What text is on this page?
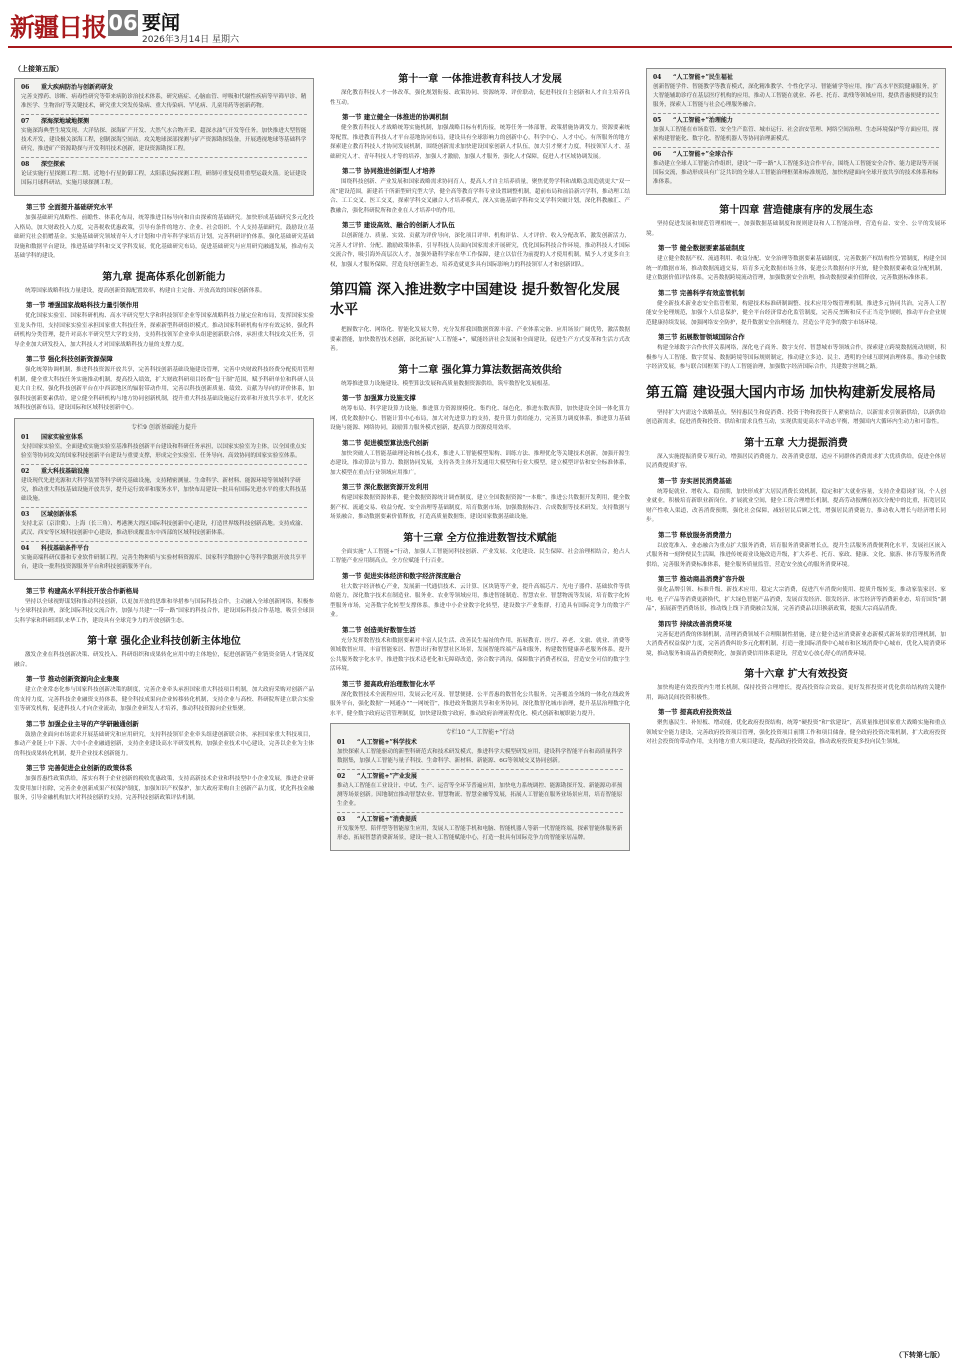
新疆日报 06 要闻
2026年3月14日 星期六
（上接第五版）
06 重大疾病防治与创新药研发
完善支撑药、诊断、病毒性研究等带来病防诊治技术体系，研究癌症、心脑血管、呼吸和代谢性疾病等早筛早诊、精准医学、生物治疗等关键技术，研究重大突发传染病、重大传染病、罕见病、儿童用药等创新药物。
07 深海深地域地探测
实施深海典型生境发现、大洋钻探、深海矿产开发、大然气水合物开采、超深水油气开发等任务。加快推进大型智能技术开发，建设极关深海工程，创制深海空间站。攻关地球深部探测与矿产资源勘探装备，开展透视地球等基础科学研究，推进矿产资源勘探与开发利用技术创新，建设资源勘探工程。
08 深空探索
论证实施行星探测工程二期、近地小行星防御工程，太阳系边际探测工程，研制可重复使用重型运载火箭。论证建设国际月球科研站，实施月球探测工程。
第三节 全面提升基础研究水平

加强基础研究战略性、前瞻性、体系化布局，统筹推进目标导向和自由探索的基础研究。加快形成基础研究多元化投入格局，加大财政投入力度，完善税收优惠政策，引导有条件的地方、企业、社会组织、个人支持基础研究，鼓励设立基础研究社会捐赠基金。实施基础研究领域青年人才计划和中青年科学家培育计划，完善科研评价体系，强化基础研究基础设施和数据平台建设，推进基础学科和交叉学科发展，优化基础研究布局，促进基础研究与应用研究融通发展，推动有关基础学科的建设。

第九章 提高体系化创新能力

统筹国家战略科技力量建设，提高创新资源配置效率，构建自主完备、开放高效的国家创新体系。

第一节 增强国家战略科技力量引领作用

优化国家实验室、国家科研机构、高水平研究型大学和科技领军企业等国家战略科技力量定位和布局，发挥国家实验室龙头作用，支持国家实验室承担国家重大科技任务，探索新型科研组织模式。推动国家科研机构有序有效运转，强化科研机构分类管理，提升对高水平研究型大学的支持，支持科技领军企业牵头组建创新联合体，承担重大科技攻关任务，引导企业加大研发投入，加大科技人才对国家战略科技力量的支撑力度。

第二节 强化科技创新资源保障

强化统筹协调机制，推进科技资源开放共享，完善科技创新基础设施建设管理，完善中央财政科技经费分配使用管理机制，健全重大科技任务实施推动机制，提高投入绩效，扩大财政科研项目经费“包干制”范围，赋予科研单位和科研人员更大自主权，强化科技创新平台在中西部地区的辐射带动作用，完善以科技创新质量、绩效、贡献为导向的评价体系，加强科技创新要素供给，建立健全科研机构与地方协同创新机制，提升重大科技基础设施运行效率和开放共享水平，优化区域科技创新布局，建设国际和区域科技创新中心。

专栏9 创新基础能力提升
01 国家实验室体系
支持国家实验室，全面建成实施实验室基准科技创新平台建设和科研任务承担，以国家实验室为主体，以全国重点实验室等协同攻关的国家科技创新平台建设与重要支撑，形成完全实验室、任务导向、高效协同的国家实验室体系。
02 重大科技基础设施
建设现代先进光源和大科学装置等科学研究基础设施，支持精密测量、生命科学、新材料、能源环境等领域科学研究，推动重大科技基础设施开放共享，提升运行效率和服务水平，加快布局建设一批具有国际先进水平的重大科技基础设施。
03 区域创新体系
支持北京（京津冀）、上海（长三角）、粤港澳大湾区国际科技创新中心建设，打造世界级科技创新高地。支持成渝、武汉、西安等区域科技创新中心建设，推动形成覆盖东中西部的区域科技创新体系。
04 科技基础条件平台
实施高端科研仪器和专业软件研制工程，完善生物种质与实验材料资源库、国家科学数据中心等科学数据开放共享平台，建设一批科技资源服务平台和科技创新服务平台。
第三节 构建高水平科技开放合作新格局

坚持以全球视野谋划和推动科技创新，以更加开放的思维和举措参与国际科技合作，主动融入全球创新网络，积极参与全球科技治理，深化国际科技交流合作，加强与共建“一带一路”国家的科技合作，建设国际科技合作基地，吸引全球顶尖科学家和科研团队来华工作，建设具有全球竞争力的开放创新生态。

第十章 强化企业科技创新主体地位

激发企业在科技创新决策、研发投入、科研组织和成果转化应用中的主体地位，促进创新链产业链资金链人才链深度融合。

第一节 推动创新资源向企业集聚

建立企业常态化参与国家科技创新决策的制度，完善企业牵头承担国家重大科技项目机制，加大政府采购对创新产品的支持力度，完善科技企业融资支持体系，健全科技成果向企业转移转化机制，支持企业与高校、科研院所建立联合实验室等研发机构，促进科技人才向企业流动，加强企业研发人才培养，推动科技资源向企业集聚。

第二节 加强企业主导的产学研融通创新

鼓励企业面向市场需求开展基础研究和应用研究，支持科技领军企业牵头组建创新联合体，承担国家重大科技项目，推动产业链上中下游、大中小企业融通创新，支持企业建设高水平研发机构，加强企业技术中心建设，完善以企业为主体的科技成果转化机制，提升企业技术创新能力。

第三节 完善促进企业创新的政策体系

加强普惠性政策供给，落实有利于企业创新的税收优惠政策，支持高新技术企业和科技型中小企业发展，推进企业研发费用加计扣除，完善企业创新成果产权保护制度，加强知识产权保护，加大政府采购自主创新产品力度，优化科技金融服务，引导金融机构加大对科技创新的支持，完善科技创新政策评估机制。

第十一章 一体推进教育科技人才发展

深化教育科技人才一体改革，强化规划衔接、政策协同、资源统筹、评价联动，促进科技自主创新和人才自主培养良性互动。

第一节 建立健全一体推进的协调机制

健全教育科技人才战略统筹实施机制，加强战略目标有机衔接，统筹任务一体部署，政策措施协调发力，资源要素统筹配置，推进教育科技人才平台基地协同布局，建设具有全球影响力的创新中心，科学中心、人才中心。有所服务的地方探索建立教育科技人才协同发展机制，围绕创新需求加快建设国家创新人才队伍，加大引才聚才力度，科技领军人才、基础研究人才、青年科技人才等的培养，加强人才激励，加强人才服务，强化人才保障，促进人才区域协调发展。

第二节 协同推进创新型人才培养

围绕科技创新、产业发展和国家战略需求协同育人，提高人才自主培养质量，聚焦优势学科和战略急需造就更大“双一流”建设范围，新建若干所新型研究型大学，健全高等教育学科专业设置调整机制，超前布局和前沿新兴学科，推动理工结合、工工交叉、医工交叉，探索学科交叉融合人才培养模式，深入实施基础学科和交叉学科突破计划，深化科教融汇、产教融合，强化科研院所和企业在人才培养中的作用。

第三节 建设高效、融合的创新人才队伍

以创新能力、质量、实效、贡献为评价导向，深化项目评审、机构评估、人才评价、收入分配改革，激发创新活力，完善人才评价、分配、激励政策体系，引导科技人员面向国家需求开展研究，优化国际科技合作环境，推动科技人才国际交流合作，吸引海外高层次人才，加强外籍科学家在华工作保障，建立以信任为前提的人才使用机制，赋予人才更多自主权，加强人才服务保障，营造良好创新生态，培养造就更多具有国际影响力的科技领军人才和创新团队。

第四篇 深入推进数字中国建设 提升数智化发展水平

把握数字化、网络化、智能化发展大势，充分发挥我国数据资源丰富、产业体系完备、应用场景广阔优势，激活数据要素潜能，加快数智技术创新，深化拓展“人工智能+”，赋能经济社会发展和全面建设，促进生产方式变革和生活方式改善。

第十二章 强化算力算法数据高效供给

统筹推进算力设施建设、模型算法发展和高质量数据资源供给，筑牢数智化发展根基。

第一节 加强算力设施支撑

统筹布局、科学建设算力设施，推进算力资源规模化、集约化、绿色化，推进东数西算，加快建设全国一体化算力网，优化数据中心、智能计算中心布局，加大对先进算力的支持，提升算力供给能力，完善算力调度体系，推进算力基础设施与能源、网络协同，鼓励算力服务模式创新，提高算力资源使用效率。

第二节 促进模型算法迭代创新

加快突破人工智能基础理论和核心技术，推进人工智能模型架构、训练方法、推理优化等关键技术创新，加强开源生态建设，推动算法与算力、数据协同发展，支持各类主体开发通用大模型和行业大模型，建立模型评估和安全标准体系，加大模型在重点行业领域应用推广。

第三节 深化数据资源开发利用

构建国家数据资源体系，健全数据资源统计调查制度，建立全国数据资源“一本账”，推进公共数据开发利用，健全数据产权、流通交易、收益分配、安全治理等基础制度，培育数据市场，加强数据标注、合成数据等技术研发，支持数据与场景融合，推动数据要素价值释放，打造高质量数据集，建设国家数据基础设施。

第十三章 全方位推进数智技术赋能

全面实施“人工智能+”行动，加强人工智能同科技创新、产业发展、文化建设、民生保障、社会治理相结合，抢占人工智能产业应用制高点，全方位赋能千行百业。

第一节 促进实体经济和数字经济深度融合

壮大数字经济核心产业，发展新一代通信技术、云计算、区块链等产业，提升高端芯片、光电子器件、基础软件等供给能力，深化数字技术在制造业、服务业、农业等领域应用，推进智能制造、智慧农业、智慧物流等发展，培育数字化转型服务市场，完善数字化转型支撑体系，推进中小企业数字化转型，建设数字产业集群，打造具有国际竞争力的数字产业。

第二节 创造美好数智生活

充分发挥数智技术和数据要素对丰富人民生活、改善民生福祉的作用，拓展教育、医疗、养老、文旅、就业、消费等领域数智应用，丰富智能家居、智慧出行和智慧社区场景，发展智能终端产品和服务，构建数智健康养老服务体系，提升公共服务数字化水平，推进数字技术适老化和无障碍改造，弥合数字鸿沟，保障数字消费者权益，营造安全可信的数字生活环境。

第三节 提高政府治理数智化水平

深化数智技术全流程应用，发展云化可及、智慧便捷、公平普惠的数智化公共服务，完善覆盖全域的一体化在线政务服务平台，强化数据“一网通办”“一网统管”，推进政务数据共享和业务协同，深化数智化城市治理，提升基层治理数字化水平，健全数字政府运营管理制度，加快建设数字政府，推动政府治理流程优化、模式创新和履职能力提升。

专栏10 “人工智能+”行动
01 “人工智能+”科学技术
加快探索人工智能驱动的新型科研范式和技术研发模式，推进科学大模型研发应用，建设科学智能平台和高质量科学数据集，加强人工智能与量子科技、生命科学、新材料、新能源、6G等领域交叉协同创新。
02 “人工智能+”产业发展
推动人工智能在工业设计、中试、生产、运营等全环节普遍应用，加快电力系统调控、能源勘探开发、新能源功率预测等场景创新。因地制宜推动智慧农业、智慧物流、智慧金融等发展，拓展人工智能在服务业场景应用，培育智能原生企业。
03 “人工智能+”消费提质
开发服务型、陪伴型等智能原生应用，发展人工智能手机和电脑、智能机器人等新一代智能终端，探索智能体服务新形态，拓展智慧消费新场景，建设一批人工智能赋能中心，打造一批具有国际竞争力的智能家居品牌。
04 “人工智能+”民生福祉
创新智能学件、智能教学等教育模式，深化精准教学、个性化学习、智能辅学等应用，推广高水平医院健康服务，扩大智能辅助诊疗在基层医疗机构的应用，推动人工智能在就业、养老、托育、助残等领域应用，提供普惠便捷的民生服务，探索人工智能与社会心理服务融合。
05 “人工智能+”治理能力
加强人工智能在市场监管、安全生产监管、城市运行、社会治安管理、网络空间治理、生态环境保护等方面应用，探索构建智能化、数字化、智能机器人等协同治理新模式。
06 “人工智能+”全球合作
推动建立全球人工智能合作组织，建设“一带一路”人工智能多边合作平台，围绕人工智能安全合作、能力建设等开展国际交流，推动形成具有广泛共识的全球人工智能治理框架和标准规范，加快构建面向全球开放共享的技术体系和标准体系。
第十四章 营造健康有序的发展生态

坚持促进发展和规范管理相统一，加强数据基础制度和规则建设和人工智能治理，营造有益、安全、公平的发展环境。

第一节 健全数据要素基础制度

建立健全数据产权、流通利用、收益分配、安全治理等数据要素基础制度，完善数据产权结构性分置制度，构建全国统一的数据市场，推动数据流通交易，培育多元化数据市场主体，促进公共数据有序开放，健全数据要素收益分配机制，建立数据价值评估体系，完善数据跨境流动管理，加强数据安全治理，推动数据要素价值释放，完善数据标准体系。

第二节 完善科学有效监管机制

健全新技术新业态安全监管框架，构建技术标准研制调整、技术应用分级管理机制，推进多元协同共治，完善人工智能安全伦理规范，加强个人信息保护，健全平台经济常态化监管制度，完善反垄断和反不正当竞争规则，推动平台企业规范健康持续发展，加强网络安全防护，提升数据安全治理能力，营造公平竞争的数字市场环境。

第三节 拓展数智领域国际合作

构建全球数字合作伙伴关系网络，深化电子商务、数字支付、智慧城市等领域合作，探索建立跨境数据流动规则，积极参与人工智能、数字贸易、数据跨境等国际规则制定，推动建立多边、民主、透明的全球互联网治理体系，推动全球数字经济发展，参与联合国框架下的人工智能治理，加强数字经济国际合作，共建数字丝绸之路。

第五篇 建设强大国内市场 加快构建新发展格局

坚持扩大内需这个战略基点，坚持惠民生和促消费、投资于物和投资于人紧密结合，以新需求引领新供给，以新供给创造新需求，促进消费和投资、供给和需求良性互动，实现供需更高水平动态平衡，增强国内大循环内生动力和可靠性。

第十五章 大力提振消费

深入实施提振消费专项行动，增强居民消费能力，改善消费意愿，适应不同群体消费需求扩大优质供给，促进全体居民消费提质扩容。

第一节 夯实居民消费基础

统筹促就业、增收入、稳预期，加快形成扩大居民消费长效机制，稳定和扩大就业容量，支持企业稳岗扩岗，个人创业就业，积极培育新职业新岗位，扩展就业空间，健全工资合理增长机制，提高劳动报酬在初次分配中的比重，拓宽居民财产性收入渠道，改善消费预期，强化社会保障，减轻居民后顾之忧，增强居民消费能力，推动收入增长与经济增长同步。

第二节 释放服务消费潜力

以放宽准入、业态融合为重点扩大服务消费，培育服务消费新增长点，提升生活服务消费便利化水平，发展社区嵌入式服务和一刻钟便民生活圈，推进传统商业设施改造升级，扩大养老、托育、家政、健康、文化、旅游、体育等服务消费供给，完善服务消费标准体系，健全服务质量监管，营造安全放心的服务消费环境。

第三节 推动商品消费扩容升级

强化品牌引领、标准升级、新技术应用，稳定大宗消费，促进汽车消费向使用、提质升级转变，推动家装家居、家电、电子产品等消费更新换代，扩大绿色智能产品消费，发展首发经济、银发经济、冰雪经济等消费新业态，培育国货“潮品”，拓展新型消费场景，推动线上线下消费融合发展，完善消费品以旧换新政策，提振大宗商品消费。

第四节 持续改善消费环境

完善促进消费的体制机制，清理消费领域不合理限制性措施，建立健全适应消费新业态新模式新场景的管理机制，加大消费者权益保护力度，完善消费纠纷多元化解机制，打造一批国际消费中心城市和区域消费中心城市，优化入境消费环境，推动服务和商品消费便利化，加强消费信用体系建设，营造安心放心舒心的消费环境。

第十六章 扩大有效投资

加快构建有效投资内生增长机制，保持投资合理增长，提高投资综合效益，更好发挥投资对优化供给结构的关键作用，调动民间投资积极性。

第一节 提高政府投资效益

聚焦惠民生、补短板、增动能，优化政府投资结构，统筹“硬投资”和“软建设”，高质量推进国家重大战略实施和重点领域安全能力建设，完善政府投资项目管理，强化投资项目前期工作和项目储备，健全政府投资决策机制，扩大政府投资对社会投资的带动作用，支持地方重大项目建设，提高政府投资效益，推动政府投资更多投向民生领域。

（下转第七版）
